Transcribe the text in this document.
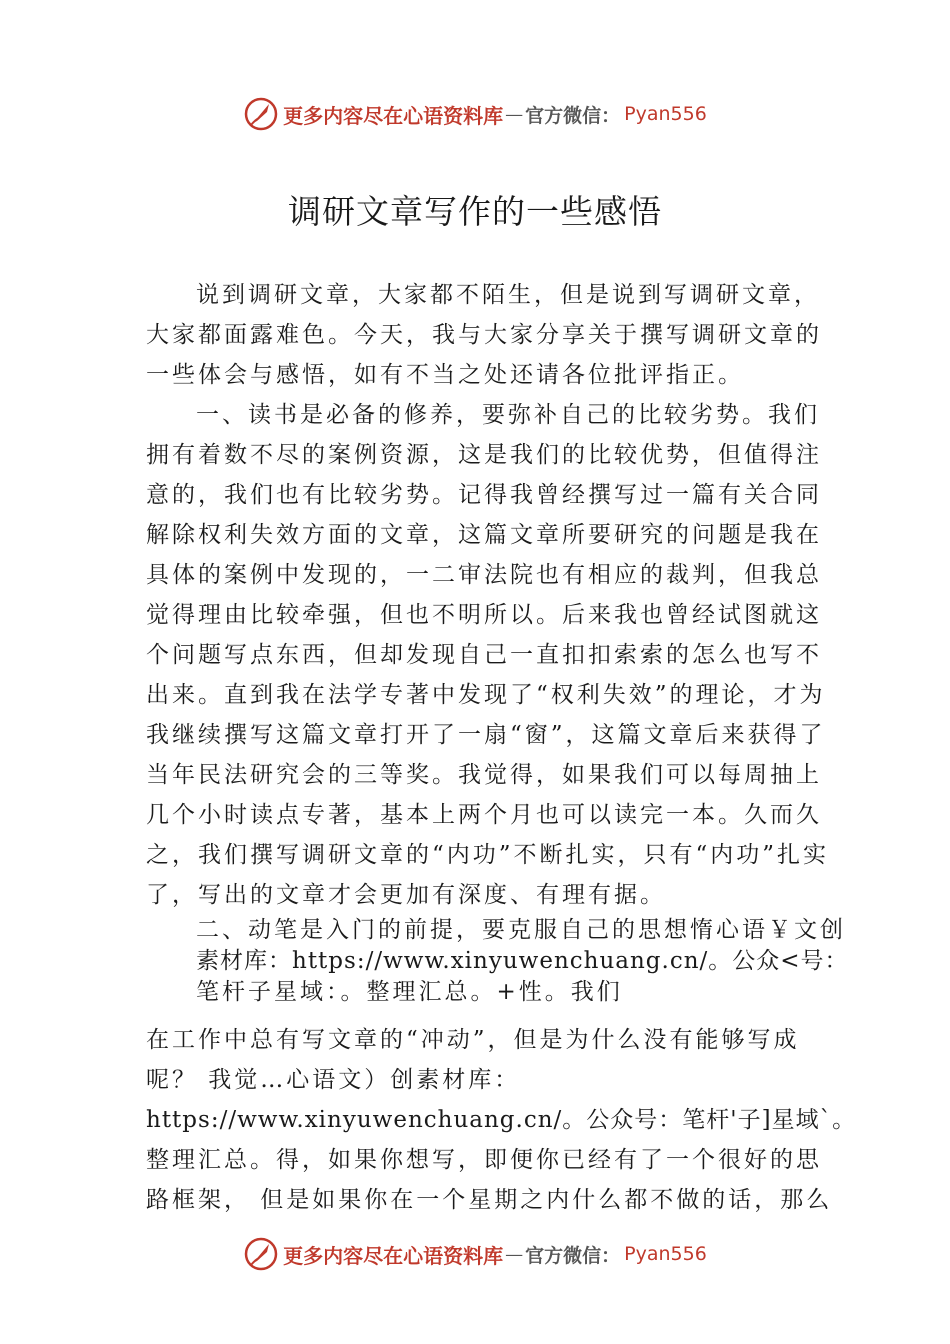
更多内容尽在心语资料库 — 官方微信： Pyan556
调研文章写作的一些感悟
说到调研文章，大家都不陌生，但是说到写调研文章，
大家都面露难色。今天，我与大家分享关于撰写调研文章的
一些体会与感悟，如有不当之处还请各位批评指正。
一、读书是必备的修养，要弥补自己的比较劣势。我们
拥有着数不尽的案例资源，这是我们的比较优势，但值得注
意的，我们也有比较劣势。记得我曾经撰写过一篇有关合同
解除权利失效方面的文章，这篇文章所要研究的问题是我在
具体的案例中发现的，一二审法院也有相应的裁判，但我总
觉得理由比较牵强，但也不明所以。后来我也曾经试图就这
个问题写点东西，但却发现自己一直扣扣索索的怎么也写不
出来。直到我在法学专著中发现了“权利失效”的理论，才为
我继续撰写这篇文章打开了一扇“窗”，这篇文章后来获得了
当年民法研究会的三等奖。我觉得，如果我们可以每周抽上
几个小时读点专著，基本上两个月也可以读完一本。久而久
之，我们撰写调研文章的“内功”不断扎实，只有“内功”扎实
了，写出的文章才会更加有深度、有理有据。
二、动笔是入门的前提，要克服自己的思想惰心语￥文创
素材库：https://www.xinyuwenchuang.cn/。公众<号：
笔杆子星域：。整理汇总。+性。我们
在工作中总有写文章的“冲动”，但是为什么没有能够写成
呢？ 我觉…心语文）创素材库：
https://www.xinyuwenchuang.cn/。公众号：笔杆'子]星域`。
整理汇总。得，如果你想写，即便你已经有了一个很好的思
路框架， 但是如果你在一个星期之内什么都不做的话，那么
更多内容尽在心语资料库 — 官方微信： Pyan556
